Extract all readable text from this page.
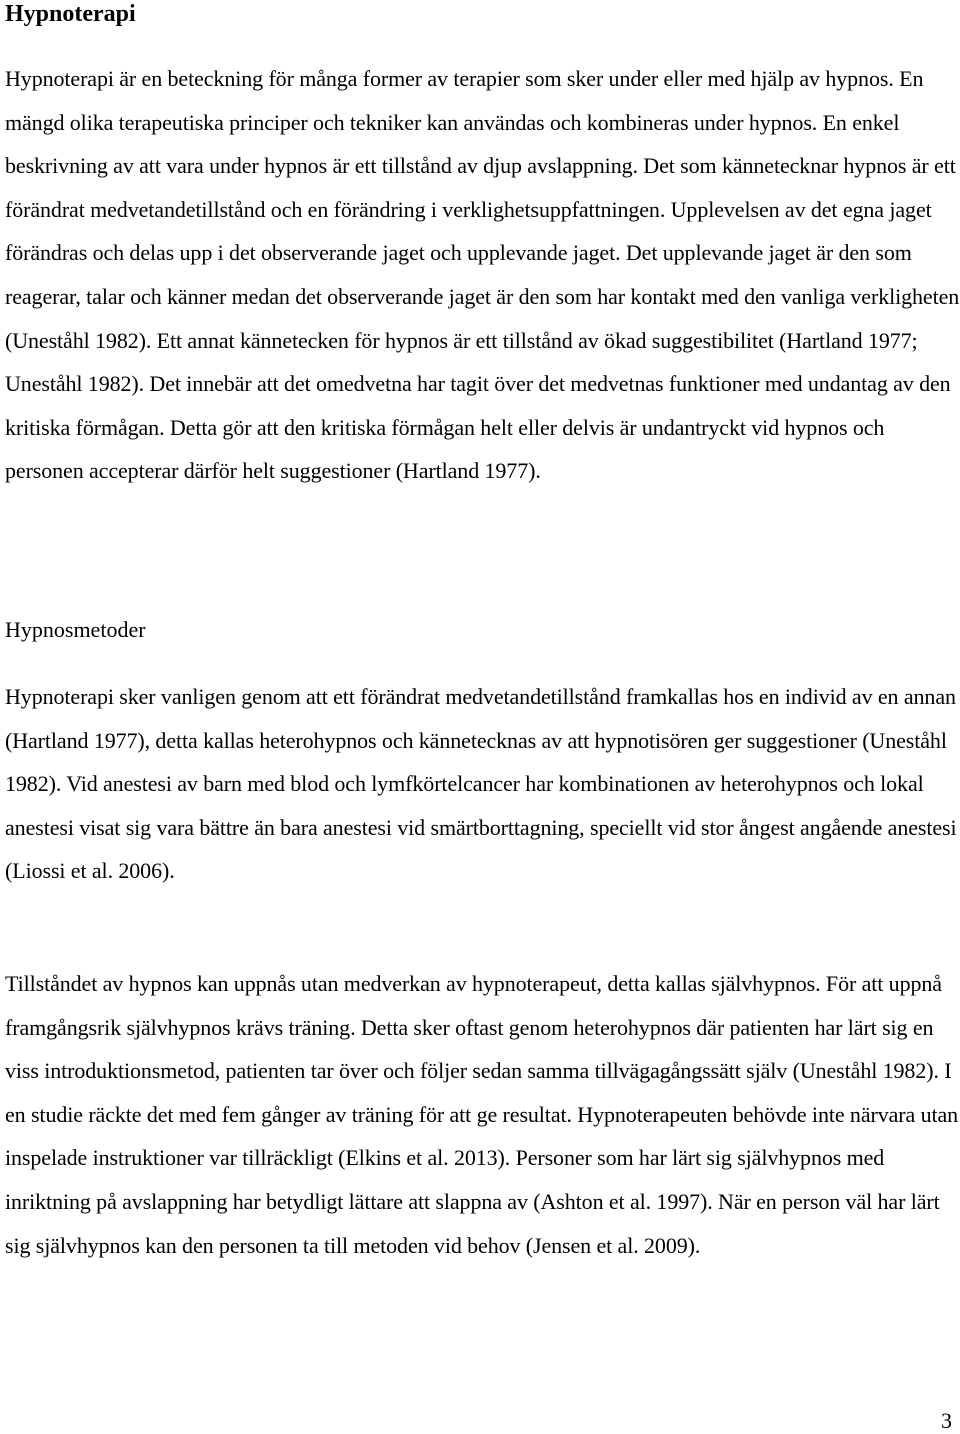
Hypnoterapi

Hypnoterapi är en beteckning för många former av terapier som sker under eller med hjälp av hypnos. En mängd olika terapeutiska principer och tekniker kan användas och kombineras under hypnos. En enkel beskrivning av att vara under hypnos är ett tillstånd av djup avslappning. Det som kännetecknar hypnos är ett förändrat medvetandetillstånd och en förändring i verklighetsuppfattningen. Upplevelsen av det egna jaget förändras och delas upp i det observerande jaget och upplevande jaget. Det upplevande jaget är den som reagerar, talar och känner medan det observerande jaget är den som har kontakt med den vanliga verkligheten (Uneståhl 1982). Ett annat kännetecken för hypnos är ett tillstånd av ökad suggestibilitet (Hartland 1977; Uneståhl 1982). Det innebär att det omedvetna har tagit över det medvetnas funktioner med undantag av den kritiska förmågan. Detta gör att den kritiska förmågan helt eller delvis är undantryckt vid hypnos och personen accepterar därför helt suggestioner (Hartland 1977).

Hypnosmetoder

Hypnoterapi sker vanligen genom att ett förändrat medvetandetillstånd framkallas hos en individ av en annan (Hartland 1977), detta kallas heterohypnos och kännetecknas av att hypnotisören ger suggestioner (Uneståhl 1982). Vid anestesi av barn med blod och lymfkörtelcancer har kombinationen av heterohypnos och lokal anestesi visat sig vara bättre än bara anestesi vid smärtborttagning, speciellt vid stor ångest angående anestesi (Liossi et al. 2006).

Tillståndet av hypnos kan uppnås utan medverkan av hypnoterapeut, detta kallas självhypnos. För att uppnå framgångsrik självhypnos krävs träning. Detta sker oftast genom heterohypnos där patienten har lärt sig en viss introduktionsmetod, patienten tar över och följer sedan samma tillvägagångssätt själv (Uneståhl 1982). I en studie räckte det med fem gånger av träning för att ge resultat. Hypnoterapeuten behövde inte närvara utan inspelade instruktioner var tillräckligt (Elkins et al. 2013). Personer som har lärt sig självhypnos med inriktning på avslappning har betydligt lättare att slappna av (Ashton et al. 1997). När en person väl har lärt sig självhypnos kan den personen ta till metoden vid behov (Jensen et al. 2009).

3
